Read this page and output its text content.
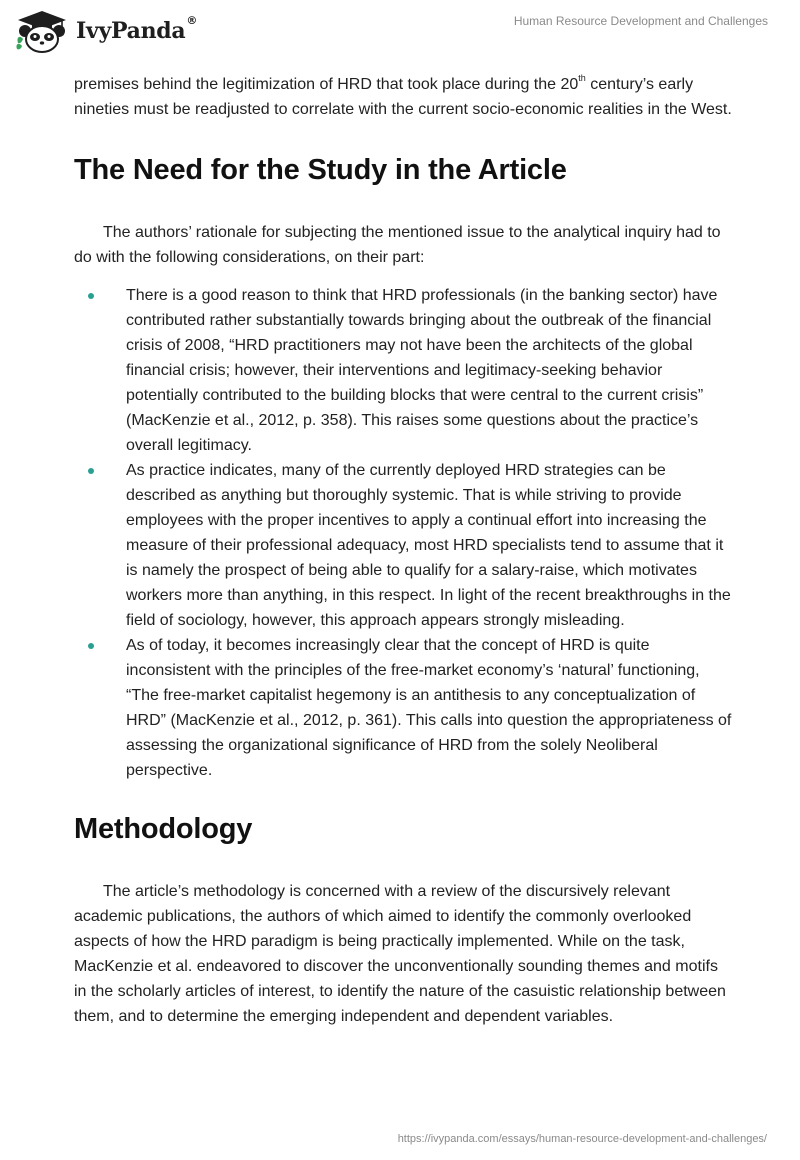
IvyPanda®	Human Resource Development and Challenges

premises behind the legitimization of HRD that took place during the 20th century’s early nineties must be readjusted to correlate with the current socio-economic realities in the West.

The Need for the Study in the Article

The authors’ rationale for subjecting the mentioned issue to the analytical inquiry had to do with the following considerations, on their part:

There is a good reason to think that HRD professionals (in the banking sector) have contributed rather substantially towards bringing about the outbreak of the financial crisis of 2008, “HRD practitioners may not have been the architects of the global financial crisis; however, their interventions and legitimacy-seeking behavior potentially contributed to the building blocks that were central to the current crisis” (MacKenzie et al., 2012, p. 358). This raises some questions about the practice’s overall legitimacy.
As practice indicates, many of the currently deployed HRD strategies can be described as anything but thoroughly systemic. That is while striving to provide employees with the proper incentives to apply a continual effort into increasing the measure of their professional adequacy, most HRD specialists tend to assume that it is namely the prospect of being able to qualify for a salary-raise, which motivates workers more than anything, in this respect. In light of the recent breakthroughs in the field of sociology, however, this approach appears strongly misleading.
As of today, it becomes increasingly clear that the concept of HRD is quite inconsistent with the principles of the free-market economy’s ‘natural’ functioning, “The free-market capitalist hegemony is an antithesis to any conceptualization of HRD” (MacKenzie et al., 2012, p. 361). This calls into question the appropriateness of assessing the organizational significance of HRD from the solely Neoliberal perspective.
Methodology

The article’s methodology is concerned with a review of the discursively relevant academic publications, the authors of which aimed to identify the commonly overlooked aspects of how the HRD paradigm is being practically implemented. While on the task, MacKenzie et al. endeavored to discover the unconventionally sounding themes and motifs in the scholarly articles of interest, to identify the nature of the casuistic relationship between them, and to determine the emerging independent and dependent variables.

https://ivypanda.com/essays/human-resource-development-and-challenges/
